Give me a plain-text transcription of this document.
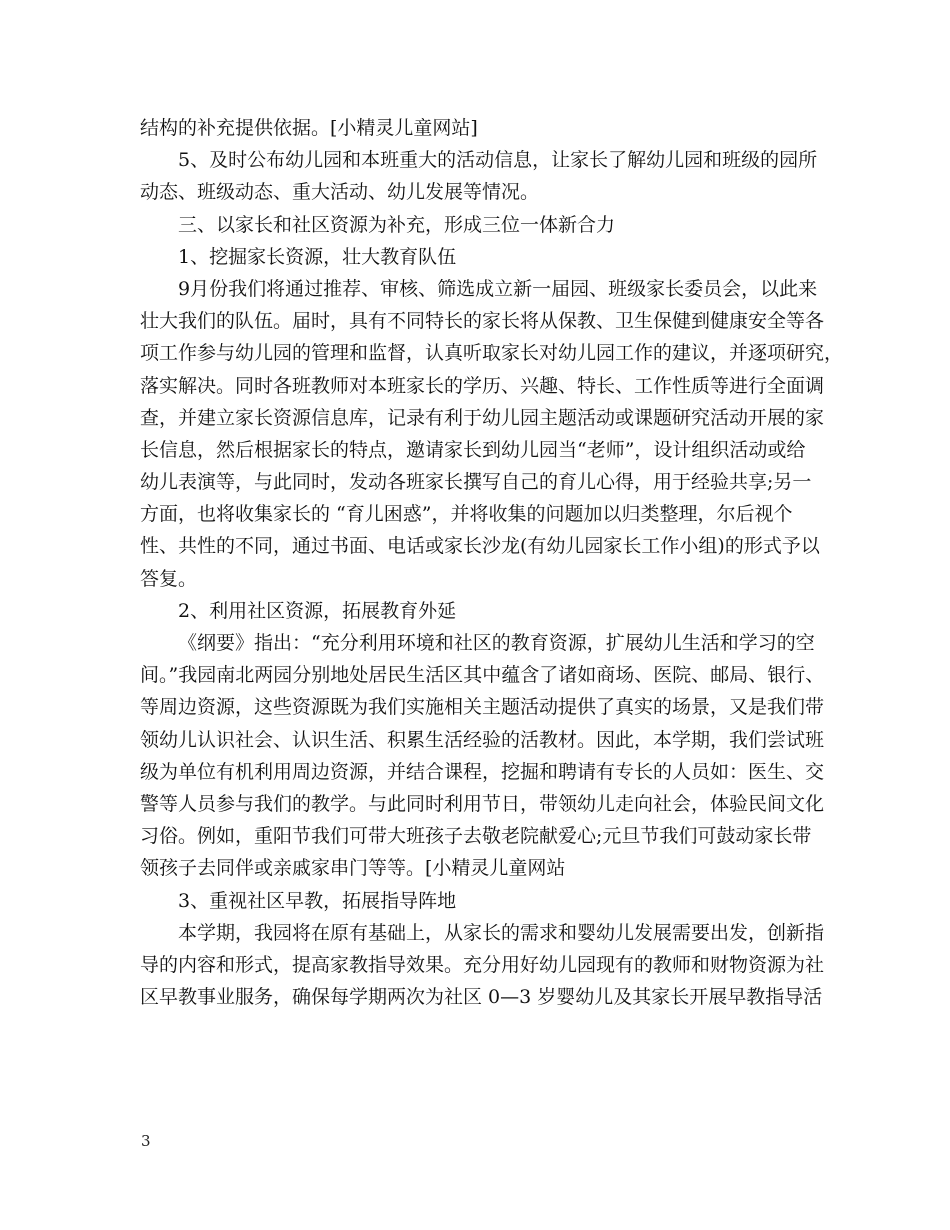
结构的补充提供依据。[小精灵儿童网站]
5、及时公布幼儿园和本班重大的活动信息，让家长了解幼儿园和班级的园所
动态、班级动态、重大活动、幼儿发展等情况。
三、以家长和社区资源为补充，形成三位一体新合力
1、挖掘家长资源，壮大教育队伍
9月份我们将通过推荐、审核、筛选成立新一届园、班级家长委员会，以此来
壮大我们的队伍。届时，具有不同特长的家长将从保教、卫生保健到健康安全等各
项工作参与幼儿园的管理和监督，认真听取家长对幼儿园工作的建议，并逐项研究，
落实解决。同时各班教师对本班家长的学历、兴趣、特长、工作性质等进行全面调
查，并建立家长资源信息库，记录有利于幼儿园主题活动或课题研究活动开展的家
长信息，然后根据家长的特点，邀请家长到幼儿园当“老师”，设计组织活动或给
幼儿表演等，与此同时，发动各班家长撰写自己的育儿心得，用于经验共享;另一
方面，也将收集家长的 “育儿困惑”，并将收集的问题加以归类整理，尔后视个
性、共性的不同，通过书面、电话或家长沙龙(有幼儿园家长工作小组)的形式予以
答复。
2、利用社区资源，拓展教育外延
《纲要》指出：“充分利用环境和社区的教育资源，扩展幼儿生活和学习的空
间。”我园南北两园分别地处居民生活区其中蕴含了诸如商场、医院、邮局、银行、
等周边资源，这些资源既为我们实施相关主题活动提供了真实的场景，又是我们带
领幼儿认识社会、认识生活、积累生活经验的活教材。因此，本学期，我们尝试班
级为单位有机利用周边资源，并结合课程，挖掘和聘请有专长的人员如：医生、交
警等人员参与我们的教学。与此同时利用节日，带领幼儿走向社会，体验民间文化
习俗。例如，重阳节我们可带大班孩子去敬老院献爱心;元旦节我们可鼓动家长带
领孩子去同伴或亲戚家串门等等。[小精灵儿童网站
3、重视社区早教，拓展指导阵地
本学期，我园将在原有基础上，从家长的需求和婴幼儿发展需要出发，创新指
导的内容和形式，提高家教指导效果。充分用好幼儿园现有的教师和财物资源为社
区早教事业服务，确保每学期两次为社区 0—3 岁婴幼儿及其家长开展早教指导活
3
